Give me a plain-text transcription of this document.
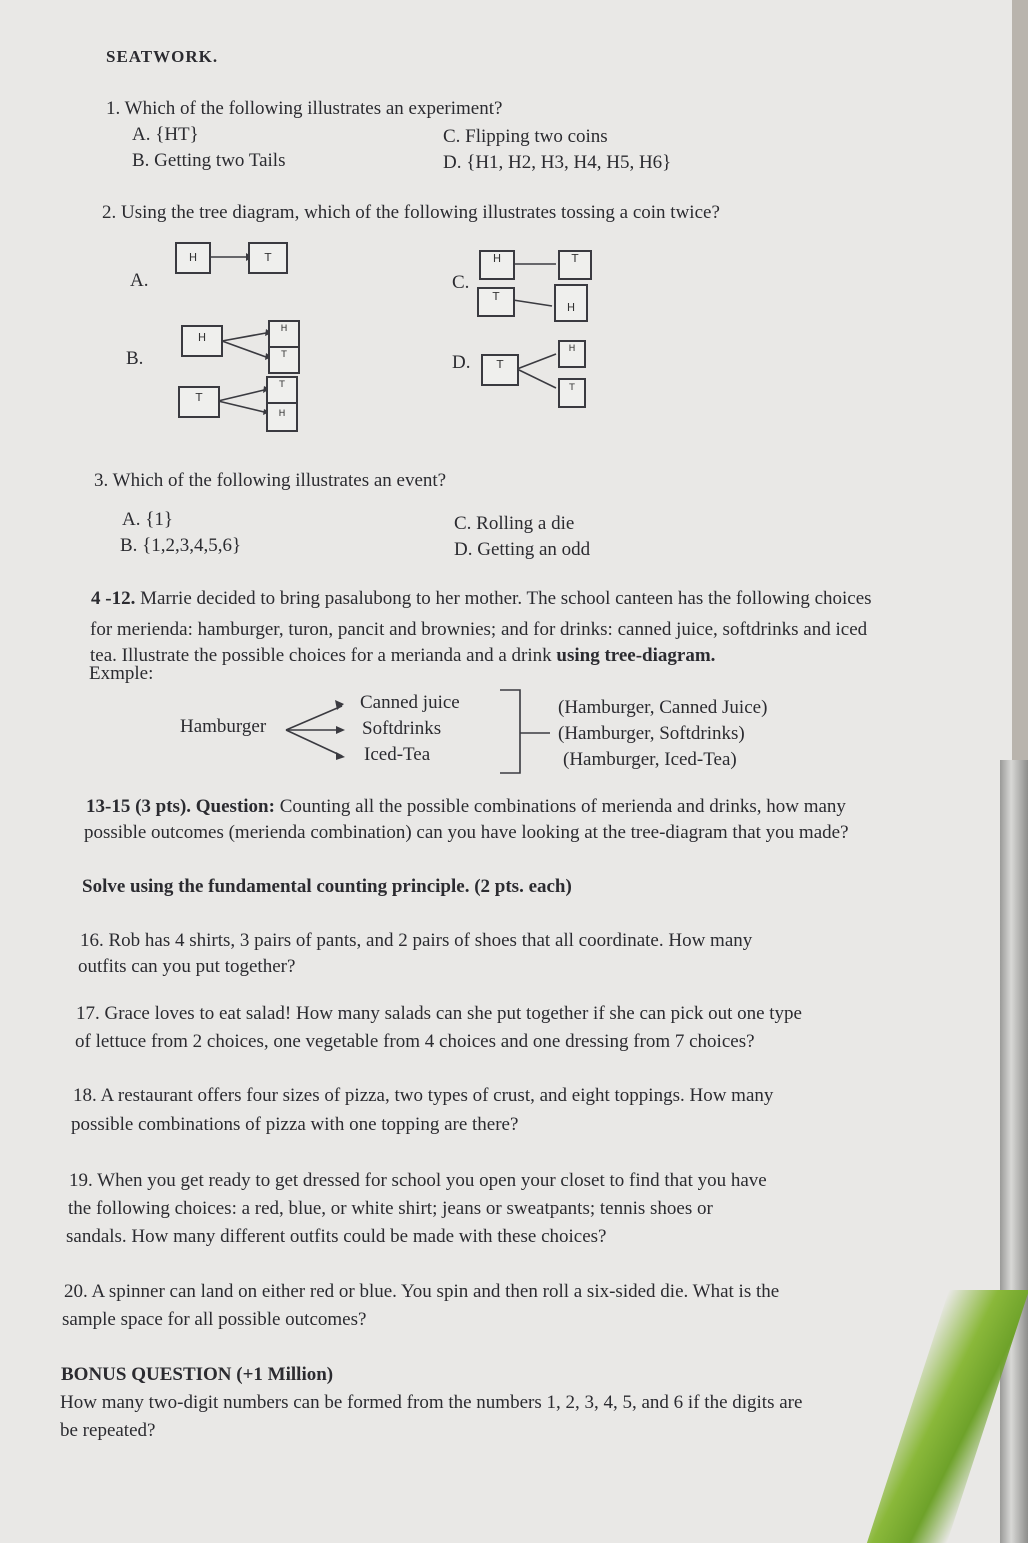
SEATWORK.
1. Which of the following illustrates an experiment?
A. {HT}
B. Getting two Tails
C. Flipping two coins
D. {H1, H2, H3, H4, H5, H6}
2. Using the tree diagram, which of the following illustrates tossing a coin twice?
A.
B.
C.
D.
H	T
H
H
T
T
T
H
H	T
T
H
T
H
T
3. Which of the following illustrates an event?
A. {1}
B. {1,2,3,4,5,6}
C. Rolling a die
D. Getting an odd
4 -12. Marrie decided to bring pasalubong to her mother. The school canteen has the following choices
for merienda: hamburger, turon, pancit and brownies; and for drinks: canned juice, softdrinks and iced
tea. Illustrate the possible choices for a merianda and a drink using tree-diagram.
Exmple:
Hamburger
Canned juice
Softdrinks
Iced-Tea
(Hamburger, Canned Juice)
(Hamburger, Softdrinks)
(Hamburger, Iced-Tea)
13-15 (3 pts). Question: Counting all the possible combinations of merienda and drinks, how many
possible outcomes (merienda combination) can you have looking at the tree-diagram that you made?
Solve using the fundamental counting principle. (2 pts. each)
16. Rob has 4 shirts, 3 pairs of pants, and 2 pairs of shoes that all coordinate. How many
outfits can you put together?
17. Grace loves to eat salad! How many salads can she put together if she can pick out one type
of lettuce from 2 choices, one vegetable from 4 choices and one dressing from 7 choices?
18. A restaurant offers four sizes of pizza, two types of crust, and eight toppings. How many
possible combinations of pizza with one topping are there?
19. When you get ready to get dressed for school you open your closet to find that you have
the following choices: a red, blue, or white shirt; jeans or sweatpants; tennis shoes or
sandals. How many different outfits could be made with these choices?
20. A spinner can land on either red or blue. You spin and then roll a six-sided die. What is the
sample space for all possible outcomes?
BONUS QUESTION (+1 Million)
How many two-digit numbers can be formed from the numbers 1, 2, 3, 4, 5, and 6 if the digits are
be repeated?
